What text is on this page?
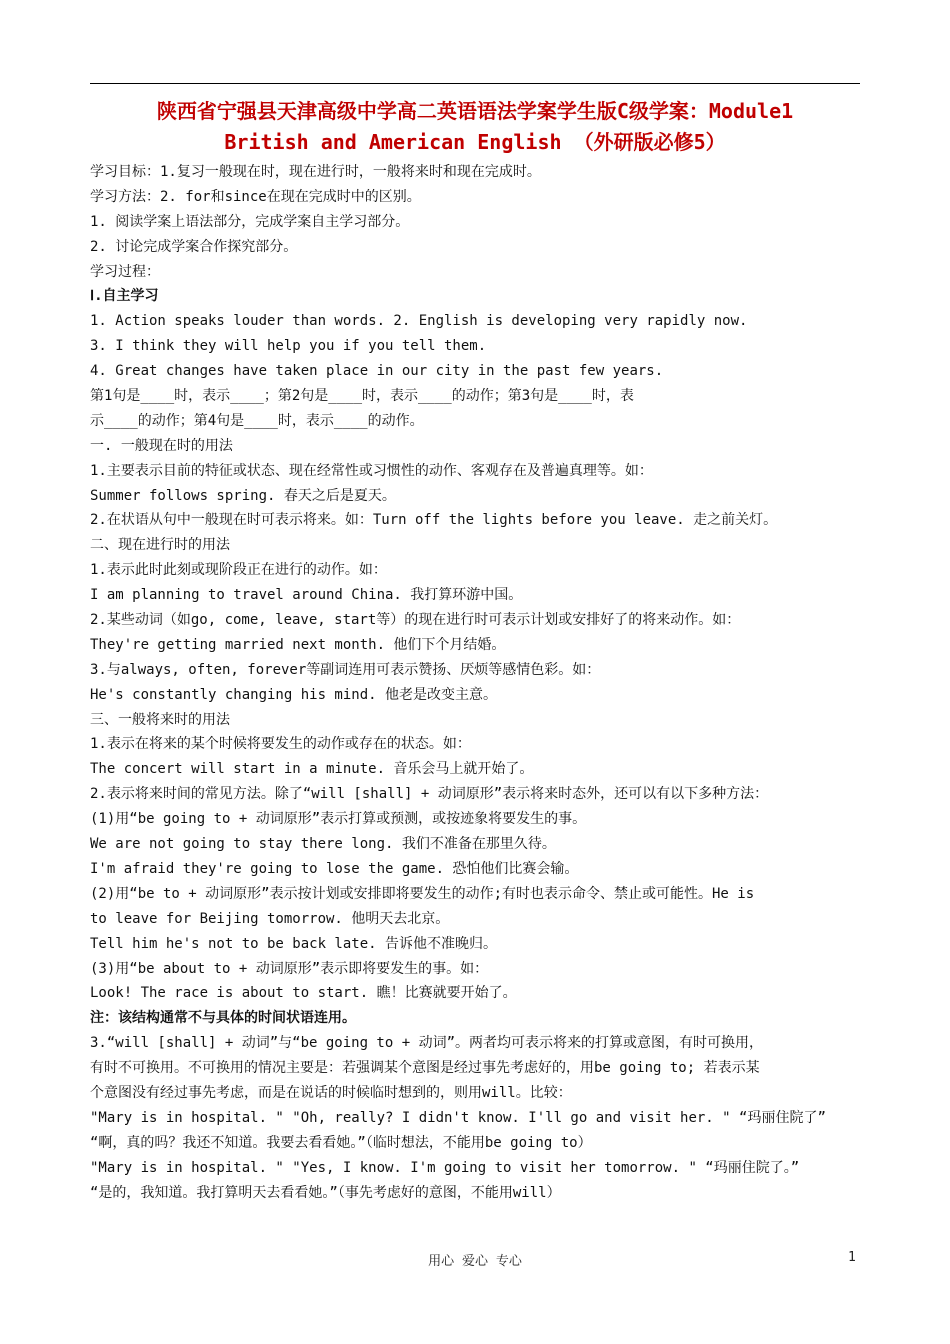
陕西省宁强县天津高级中学高二英语语法学案学生版C级学案：Module1
British and American English （外研版必修5）
学习目标：1.复习一般现在时，现在进行时，一般将来时和现在完成时。
学习方法：2. for和since在现在完成时中的区别。
1. 阅读学案上语法部分，完成学案自主学习部分。
2. 讨论完成学案合作探究部分。
学习过程：
Ⅰ.自主学习
1. Action speaks louder than words. 2. English is developing very rapidly now.
3. I think they will help you if you tell them.
4. Great changes have taken place in our city in the past few years.
第1句是____时，表示____；第2句是____时，表示____的动作；第3句是____时，表
示____的动作；第4句是____时，表示____的动作。
一. 一般现在时的用法
1.主要表示目前的特征或状态、现在经常性或习惯性的动作、客观存在及普遍真理等。如：
Summer follows spring. 春天之后是夏天。
2.在状语从句中一般现在时可表示将来。如：Turn off the lights before you leave. 走之前关灯。
二、现在进行时的用法
1.表示此时此刻或现阶段正在进行的动作。如：
I am planning to travel around China. 我打算环游中国。
2.某些动词（如go, come, leave, start等）的现在进行时可表示计划或安排好了的将来动作。如：
They're getting married next month. 他们下个月结婚。
3.与always, often, forever等副词连用可表示赞扬、厌烦等感情色彩。如：
He's constantly changing his mind. 他老是改变主意。
三、一般将来时的用法
1.表示在将来的某个时候将要发生的动作或存在的状态。如：
The concert will start in a minute. 音乐会马上就开始了。
2.表示将来时间的常见方法。除了“will [shall] + 动词原形”表示将来时态外，还可以有以下多种方法：
(1)用“be going to + 动词原形”表示打算或预测，或按迹象将要发生的事。
We are not going to stay there long. 我们不准备在那里久待。
I'm afraid they're going to lose the game. 恐怕他们比赛会输。
(2)用“be to + 动词原形”表示按计划或安排即将要发生的动作;有时也表示命令、禁止或可能性。He is
to leave for Beijing tomorrow. 他明天去北京。
Tell him he's not to be back late. 告诉他不准晚归。
(3)用“be about to + 动词原形”表示即将要发生的事。如：
Look! The race is about to start. 瞧！比赛就要开始了。
注：该结构通常不与具体的时间状语连用。
3.“will [shall] + 动词”与“be going to + 动词”。两者均可表示将来的打算或意图，有时可换用，
有时不可换用。不可换用的情况主要是：若强调某个意图是经过事先考虑好的，用be going to; 若表示某
个意图没有经过事先考虑，而是在说话的时候临时想到的，则用will。比较：
"Mary is in hospital. " "Oh, really? I didn't know. I'll go and visit her. " “玛丽住院了”
“啊，真的吗？我还不知道。我要去看看她。”（临时想法，不能用be going to）
"Mary is in hospital. " "Yes, I know. I'm going to visit her tomorrow. " “玛丽住院了。”
“是的，我知道。我打算明天去看看她。”（事先考虑好的意图，不能用will）
用心 爱心 专心	1
